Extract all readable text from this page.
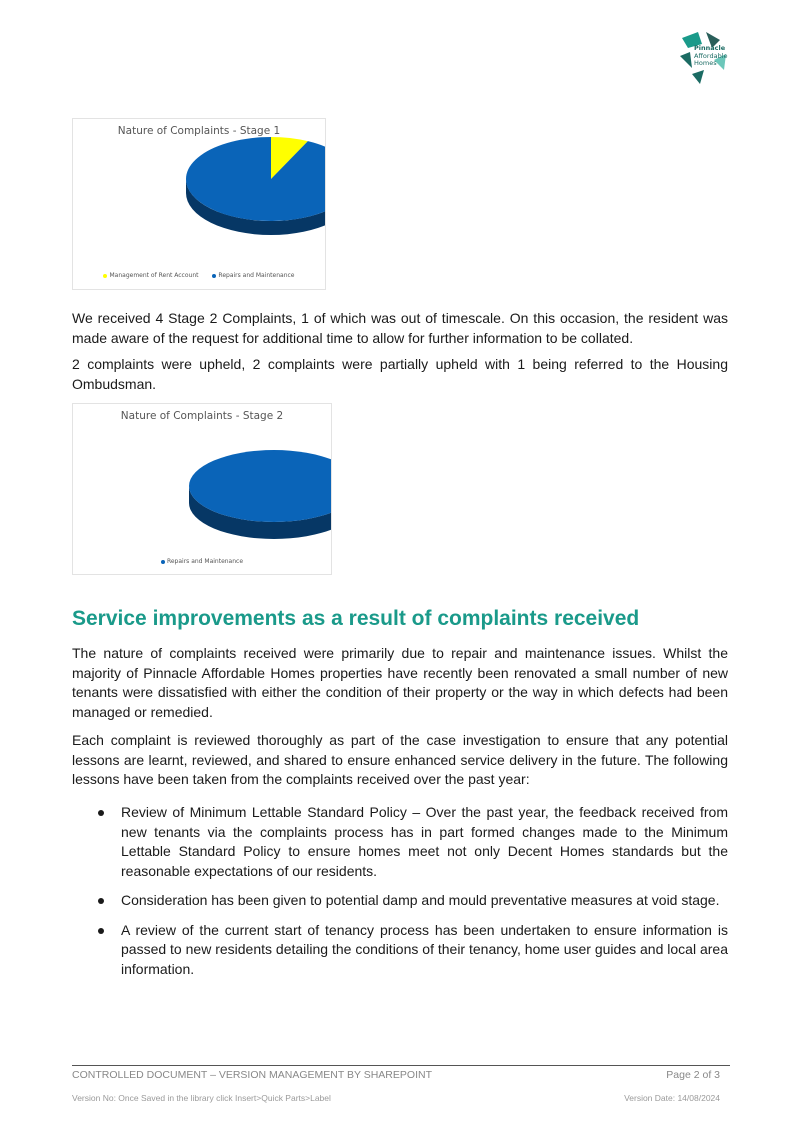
Pinnacle
Affordable
Homes
Nature of Complaints - Stage 1
Management of Rent Account	Repairs and Maintenance

We received 4 Stage 2 Complaints, 1 of which was out of timescale. On this occasion, the resident was made aware of the request for additional time to allow for further information to be collated.

2 complaints were upheld, 2 complaints were partially upheld with 1 being referred to the Housing Ombudsman.

Nature of Complaints - Stage 2
Repairs and Maintenance
Service improvements as a result of complaints received

The nature of complaints received were primarily due to repair and maintenance issues. Whilst the majority of Pinnacle Affordable Homes properties have recently been renovated a small number of new tenants were dissatisfied with either the condition of their property or the way in which defects had been managed or remedied.

Each complaint is reviewed thoroughly as part of the case investigation to ensure that any potential lessons are learnt, reviewed, and shared to ensure enhanced service delivery in the future. The following lessons have been taken from the complaints received over the past year:

Review of Minimum Lettable Standard Policy – Over the past year, the feedback received from new tenants via the complaints process has in part formed changes made to the Minimum Lettable Standard Policy to ensure homes meet not only Decent Homes standards but the reasonable expectations of our residents.
Consideration has been given to potential damp and mould preventative measures at void stage.
A review of the current start of tenancy process has been undertaken to ensure information is passed to new residents detailing the conditions of their tenancy, home user guides and local area information.
CONTROLLED DOCUMENT – VERSION MANAGEMENT BY SHAREPOINT	Page 2 of 3
Version No: Once Saved in the library click Insert>Quick Parts>Label	Version Date: 14/08/2024
